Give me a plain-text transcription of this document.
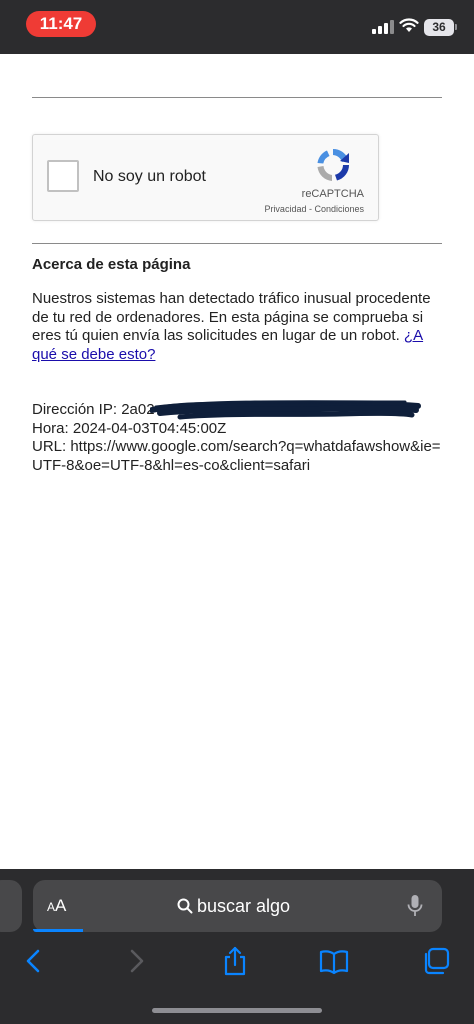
11:47	36
No soy un robot
reCAPTCHA
Privacidad - Condiciones
Acerca de esta página
Nuestros sistemas han detectado tráfico inusual procedente de tu red de ordenadores. En esta página se comprueba si eres tú quien envía las solicitudes en lugar de un robot. ¿A qué se debe esto?
Dirección IP: 2a02
Hora: 2024-04-03T04:45:00Z
URL: https://www.google.com/search?q=whatdafawshow&ie=UTF-8&oe=UTF-8&hl=es-co&client=safari
AA	buscar algo
